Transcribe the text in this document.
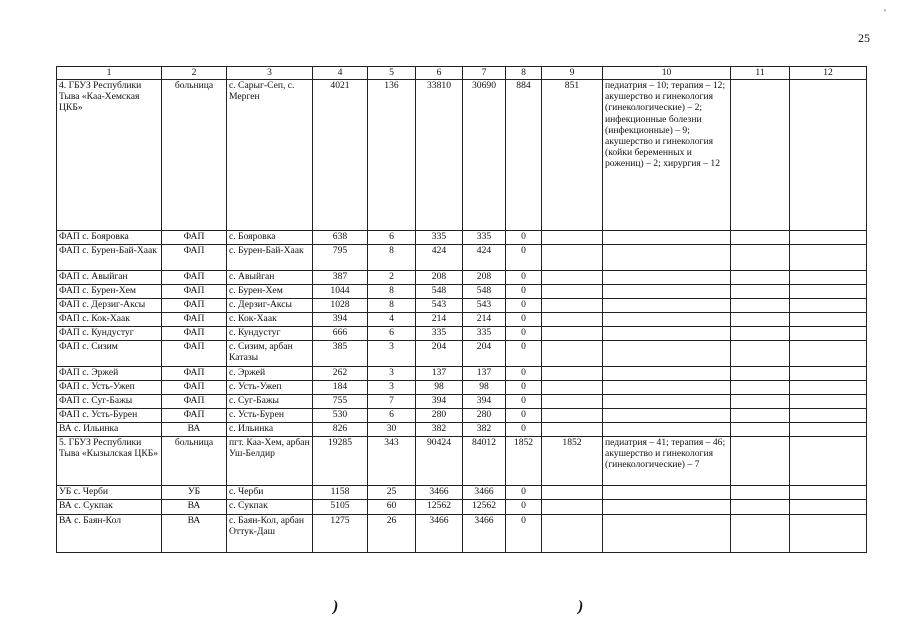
25
ꭝ
1	2	3	4	5	6	7	8	9	10	11	12
4. ГБУЗ Республики Тыва «Каа-Хемская ЦКБ»	больница	с. Сарыг-Сеп, с. Мерген	4021	136	33810	30690	884	851	педиатрия – 10; терапия – 12; акушерство и гинекология (гинекологические) – 2; инфекционные болезни (инфекционные) – 9; акушерство и гинекология (койки беременных и рожениц) – 2; хирургия – 12		
ФАП с. Бояровка	ФАП	с. Бояровка	638	6	335	335	0				
ФАП с. Бурен-Бай-Хаак	ФАП	с. Бурен-Бай-Хаак	795	8	424	424	0				
ФАП с. Авыйган	ФАП	с. Авыйган	387	2	208	208	0				
ФАП с. Бурен-Хем	ФАП	с. Бурен-Хем	1044	8	548	548	0				
ФАП с. Дерзиг-Аксы	ФАП	с. Дерзиг-Аксы	1028	8	543	543	0				
ФАП с. Кок-Хаак	ФАП	с. Кок-Хаак	394	4	214	214	0				
ФАП с. Кундустуг	ФАП	с. Кундустуг	666	6	335	335	0				
ФАП с. Сизим	ФАП	с. Сизим, арбан Катазы	385	3	204	204	0				
ФАП с. Эржей	ФАП	с. Эржей	262	3	137	137	0				
ФАП с. Усть-Ужеп	ФАП	с. Усть-Ужеп	184	3	98	98	0				
ФАП с. Суг-Бажы	ФАП	с. Суг-Бажы	755	7	394	394	0				
ФАП с. Усть-Бурен	ФАП	с. Усть-Бурен	530	6	280	280	0				
ВА с. Ильинка	ВА	с. Ильинка	826	30	382	382	0				
5. ГБУЗ Республики Тыва «Кызылская ЦКБ»	больница	пгт. Каа-Хем, арбан Уш-Белдир	19285	343	90424	84012	1852	1852	педиатрия – 41; терапия – 46; акушерство и гинекология (гинекологические) – 7		
УБ с. Черби	УБ	с. Черби	1158	25	3466	3466	0				
ВА с. Сукпак	ВА	с. Сукпак	5105	60	12562	12562	0				
ВА с. Баян-Кол	ВА	с. Баян-Кол, арбан Оттук-Даш	1275	26	3466	3466	0				
)	)
